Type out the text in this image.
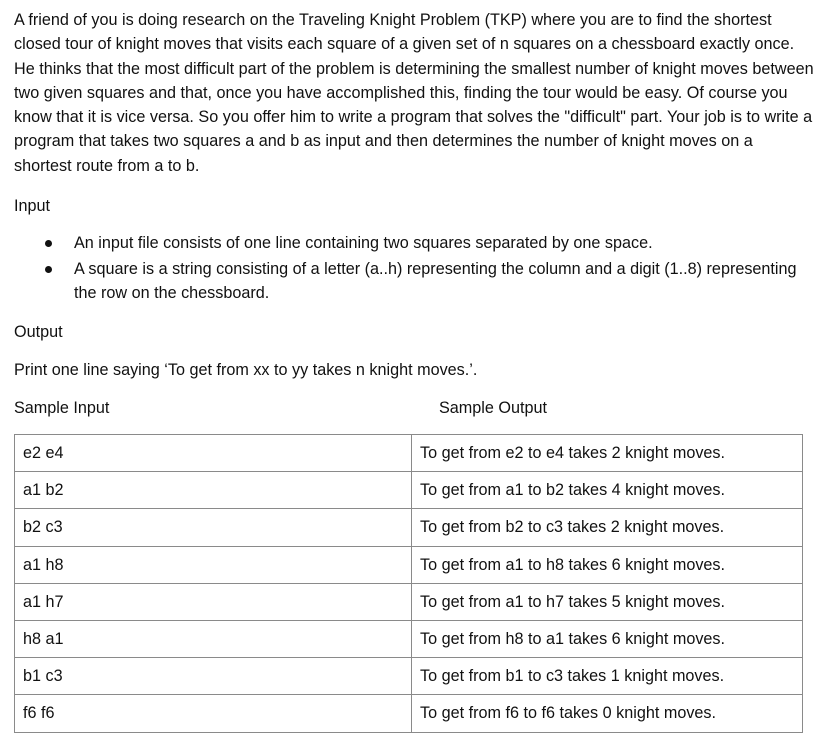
A friend of you is doing research on the Traveling Knight Problem (TKP) where you are to find the shortest closed tour of knight moves that visits each square of a given set of n squares on a chessboard exactly once. He thinks that the most difficult part of the problem is determining the smallest number of knight moves between two given squares and that, once you have accomplished this, finding the tour would be easy. Of course you know that it is vice versa. So you offer him to write a program that solves the "difficult" part. Your job is to write a program that takes two squares a and b as input and then determines the number of knight moves on a shortest route from a to b.

Input

An input file consists of one line containing two squares separated by one space.
A square is a string consisting of a letter (a..h) representing the column and a digit (1..8) representing the row on the chessboard.

Output

Print one line saying ‘To get from xx to yy takes n knight moves.’.

Sample Input	Sample Output

e2 e4	To get from e2 to e4 takes 2 knight moves.
a1 b2	To get from a1 to b2 takes 4 knight moves.
b2 c3	To get from b2 to c3 takes 2 knight moves.
a1 h8	To get from a1 to h8 takes 6 knight moves.
a1 h7	To get from a1 to h7 takes 5 knight moves.
h8 a1	To get from h8 to a1 takes 6 knight moves.
b1 c3	To get from b1 to c3 takes 1 knight moves.
f6 f6	To get from f6 to f6 takes 0 knight moves.
